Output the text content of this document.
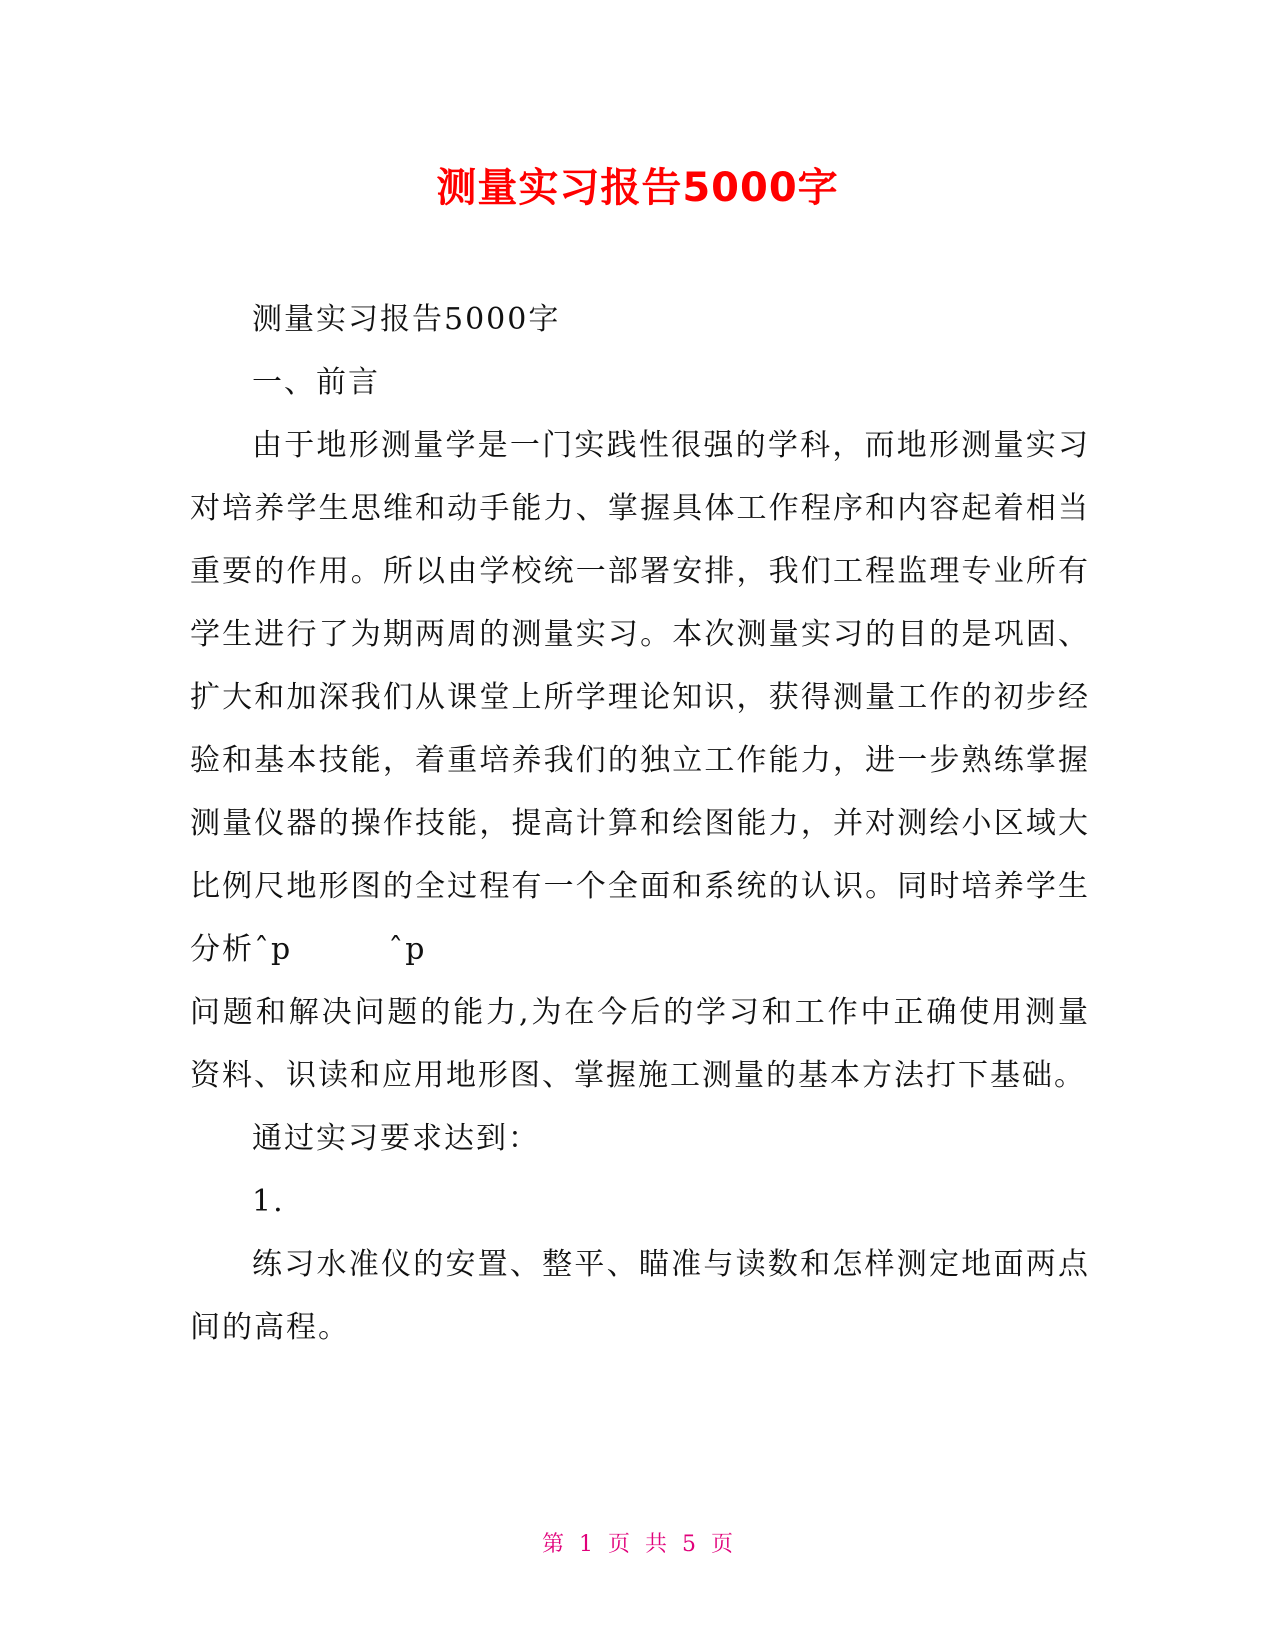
测量实习报告5000字

测量实习报告5000字

一、前言

由于地形测量学是一门实践性很强的学科，而地形测量实习对培养学生思维和动手能力、掌握具体工作程序和内容起着相当重要的作用。所以由学校统一部署安排，我们工程监理专业所有学生进行了为期两周的测量实习。本次测量实习的目的是巩固、扩大和加深我们从课堂上所学理论知识，获得测量工作的初步经验和基本技能，着重培养我们的独立工作能力，进一步熟练掌握测量仪器的操作技能，提高计算和绘图能力，并对测绘小区域大比例尺地形图的全过程有一个全面和系统的认识。同时培养学生分析ˆp　　　ˆp

问题和解决问题的能力,为在今后的学习和工作中正确使用测量资料、识读和应用地形图、掌握施工测量的基本方法打下基础。

通过实习要求达到：

1.

练习水准仪的安置、整平、瞄准与读数和怎样测定地面两点间的高程。

第 1 页 共 5 页
